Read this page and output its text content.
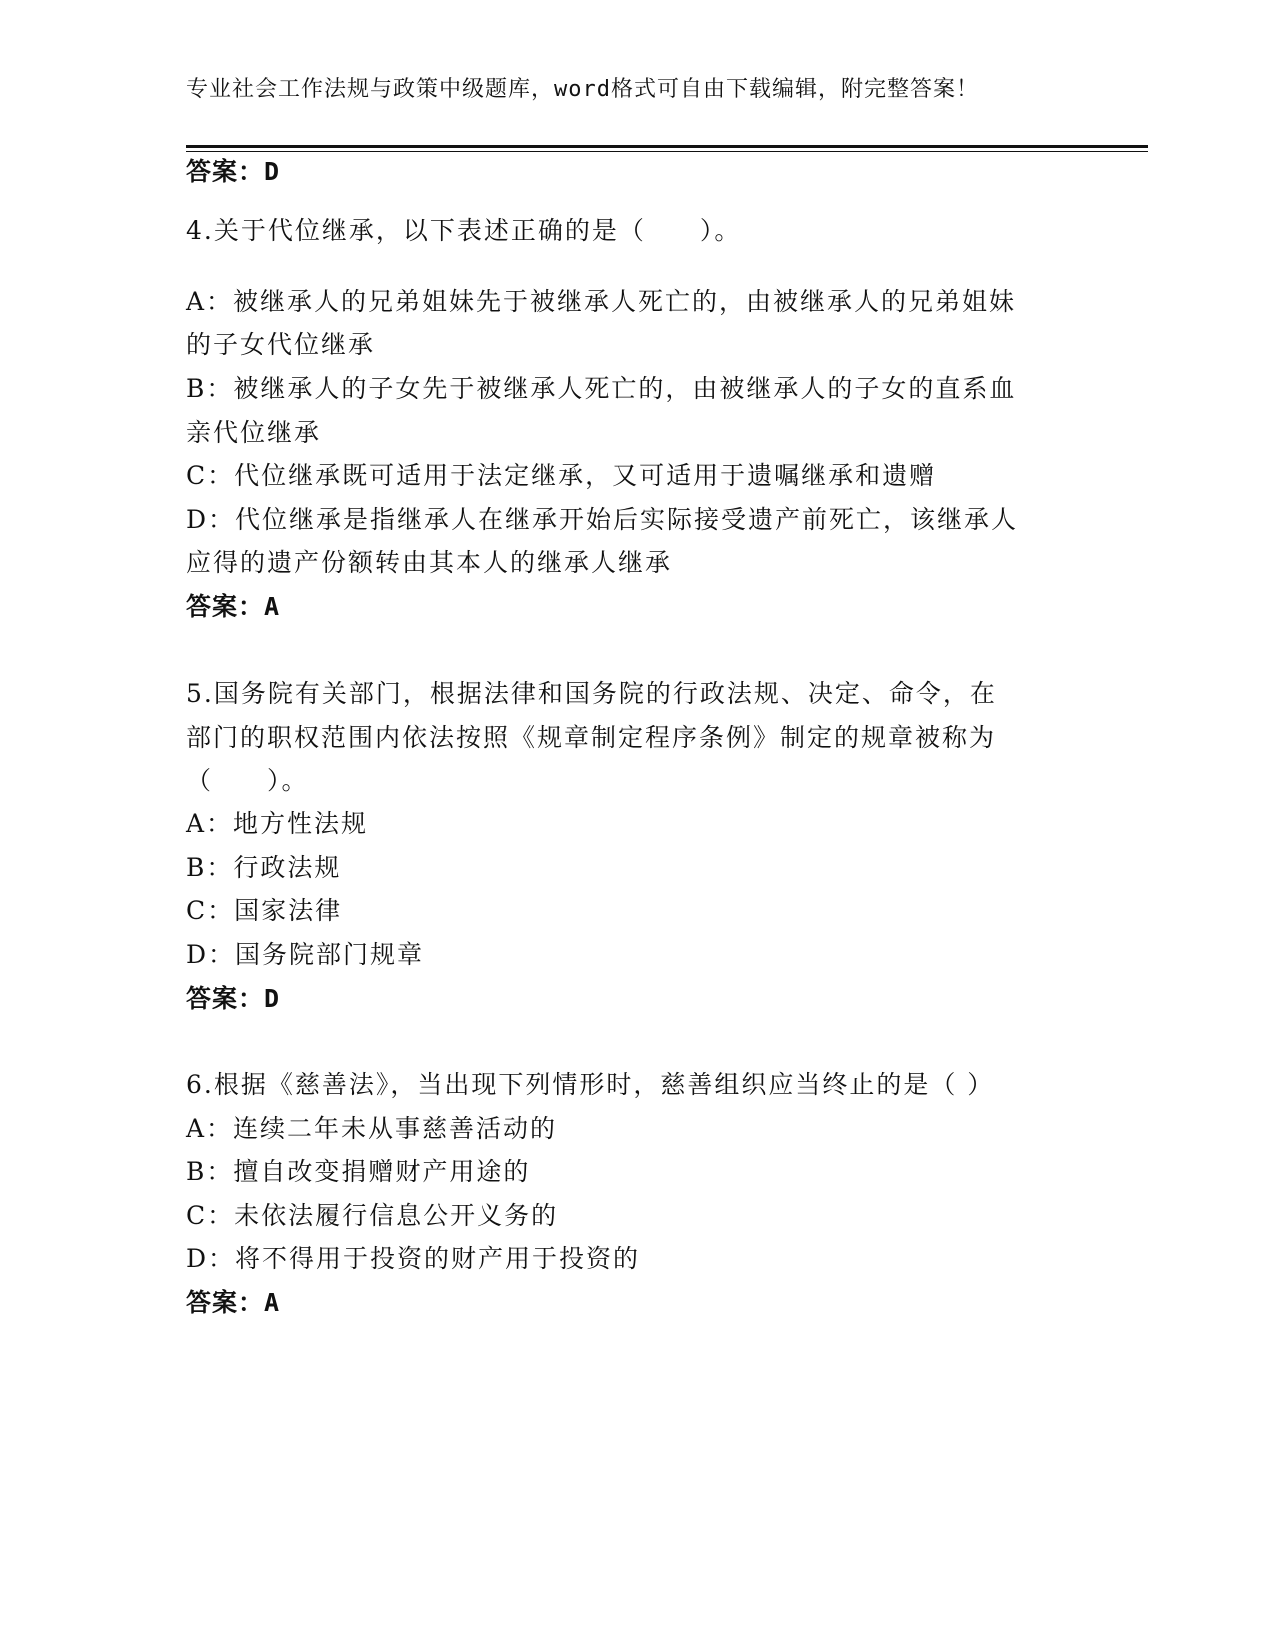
专业社会工作法规与政策中级题库，word格式可自由下载编辑，附完整答案！
答案：D
4.关于代位继承，以下表述正确的是（　　）。
A：被继承人的兄弟姐妹先于被继承人死亡的，由被继承人的兄弟姐妹
的子女代位继承
B：被继承人的子女先于被继承人死亡的，由被继承人的子女的直系血
亲代位继承
C：代位继承既可适用于法定继承，又可适用于遗嘱继承和遗赠
D：代位继承是指继承人在继承开始后实际接受遗产前死亡，该继承人
应得的遗产份额转由其本人的继承人继承
答案：A
5.国务院有关部门，根据法律和国务院的行政法规、决定、命令，在
部门的职权范围内依法按照《规章制定程序条例》制定的规章被称为
（　　）。
A：地方性法规
B：行政法规
C：国家法律
D：国务院部门规章
答案：D
6.根据《慈善法》，当出现下列情形时，慈善组织应当终止的是（ ）
A：连续二年未从事慈善活动的
B：擅自改变捐赠财产用途的
C：未依法履行信息公开义务的
D：将不得用于投资的财产用于投资的
答案：A
